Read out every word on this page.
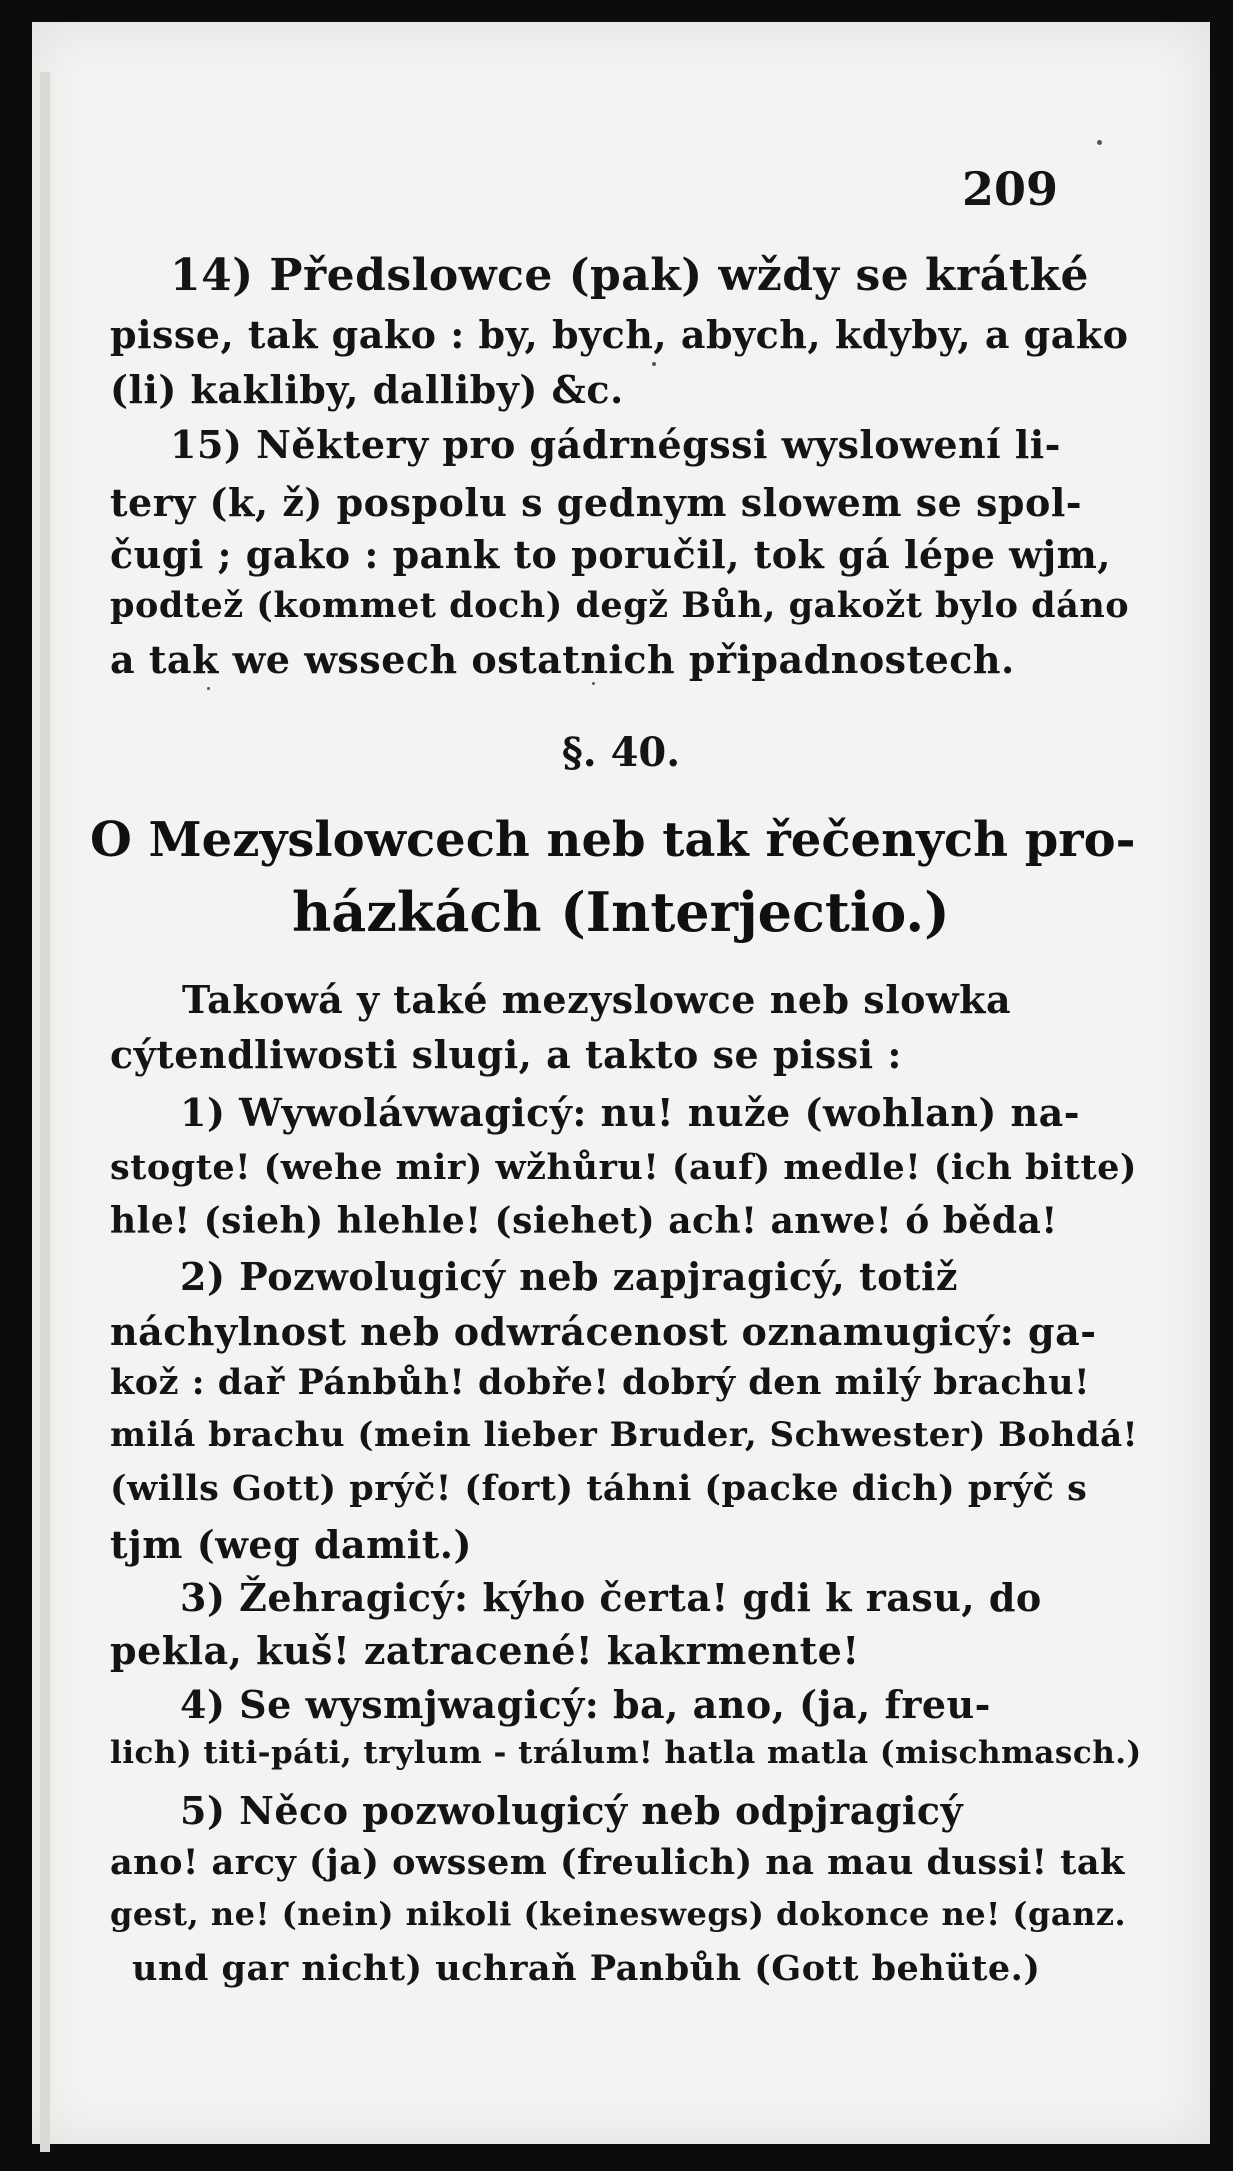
209
14) Předslowce (pak) wždy se krátké
pisse, tak gako : by, bych, abych, kdyby, a gako
(li) kakliby, dalliby) &c.
15) Některy pro gádrnégssi wyslowení li-
tery (k, ž) pospolu s gednym slowem se spol-
čugi ; gako : pank to poručil, tok gá lépe wjm,
podtež (kommet doch) degž Bůh, gakožt bylo dáno
a tak we wssech ostatnich připadnostech.
§. 40.
O Mezyslowcech neb tak řečenych pro-
házkách (Interjectio.)
Takowá y také mezyslowce neb slowka
cýtendliwosti slugi, a takto se pissi :
1) Wywolávwagicý: nu! nuže (wohlan) na-
stogte! (wehe mir) wžhůru! (auf) medle! (ich bitte)
hle! (sieh) hlehle! (siehet) ach! anwe! ó běda!
2) Pozwolugicý neb zapjragicý, totiž
náchylnost neb odwrácenost oznamugicý: ga-
kož : dař Pánbůh! dobře! dobrý den milý brachu!
milá brachu (mein lieber Bruder, Schwester) Bohdá!
(wills Gott) prýč! (fort) táhni (packe dich) prýč s
tjm (weg damit.)
3) Žehragicý: kýho čerta! gdi k rasu, do
pekla, kuš! zatracené! kakrmente!
4) Se wysmjwagicý: ba, ano, (ja, freu-
lich) titi-páti, trylum - trálum! hatla matla (mischmasch.)
5) Něco pozwolugicý neb odpjragicý
ano! arcy (ja) owssem (freulich) na mau dussi! tak
gest, ne! (nein) nikoli (keineswegs) dokonce ne! (ganz.
und gar nicht) uchraň Panbůh (Gott behüte.)
